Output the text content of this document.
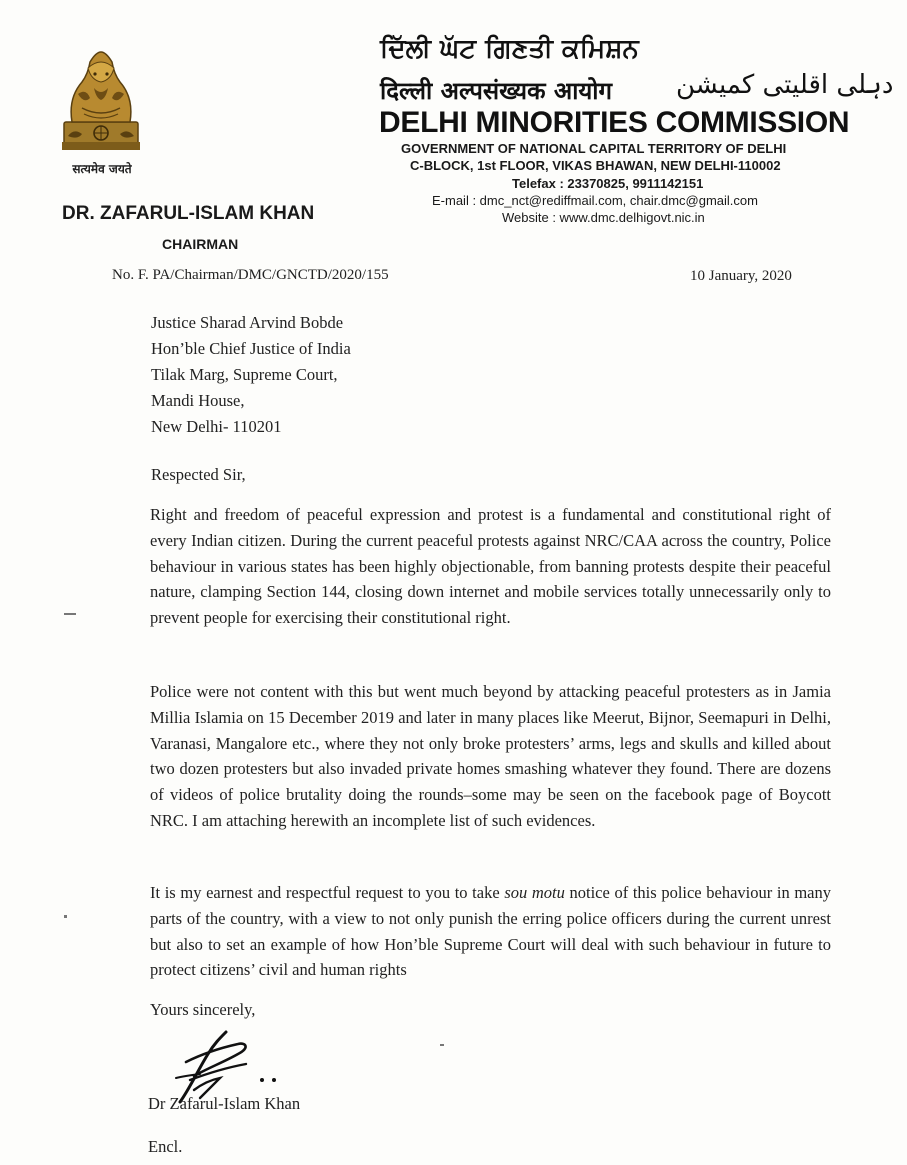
सत्यमेव जयते
ਦਿੱਲੀ ਘੱਟ ਗਿਣਤੀ ਕਮਿਸ਼ਨ
दिल्ली अल्पसंख्यक आयोग دہلی اقلیتی کمیشن
DELHI MINORITIES COMMISSION
GOVERNMENT OF NATIONAL CAPITAL TERRITORY OF DELHI
C-BLOCK, 1st FLOOR, VIKAS BHAWAN, NEW DELHI-110002
Telefax : 23370825, 9911142151
E-mail : dmc_nct@rediffmail.com, chair.dmc@gmail.com
Website : www.dmc.delhigovt.nic.in
DR. ZAFARUL-ISLAM KHAN
CHAIRMAN
No. F. PA/Chairman/DMC/GNCTD/2020/155	10 January, 2020
Justice Sharad Arvind Bobde
Hon’ble Chief Justice of India
Tilak Marg, Supreme Court,
Mandi House,
New Delhi- 110201
Respected Sir,
Right and freedom of peaceful expression and protest is a fundamental and constitutional right of every Indian citizen. During the current peaceful protests against NRC/CAA across the country, Police behaviour in various states has been highly objectionable, from banning protests despite their peaceful nature, clamping Section 144, closing down internet and mobile services totally unnecessarily only to prevent people for exercising their constitutional right.
Police were not content with this but went much beyond by attacking peaceful protesters as in Jamia Millia Islamia on 15 December 2019 and later in many places like Meerut, Bijnor, Seemapuri in Delhi, Varanasi, Mangalore etc., where they not only broke protesters’ arms, legs and skulls and killed about two dozen protesters but also invaded private homes smashing whatever they found. There are dozens of videos of police brutality doing the rounds–some may be seen on the facebook page of Boycott NRC. I am attaching herewith an incomplete list of such evidences.
It is my earnest and respectful request to you to take sou motu notice of this police behaviour in many parts of the country, with a view to not only punish the erring police officers during the current unrest but also to set an example of how Hon’ble Supreme Court will deal with such behaviour in future to protect citizens’ civil and human rights
Yours sincerely,
Dr Zafarul-Islam Khan
Encl.
